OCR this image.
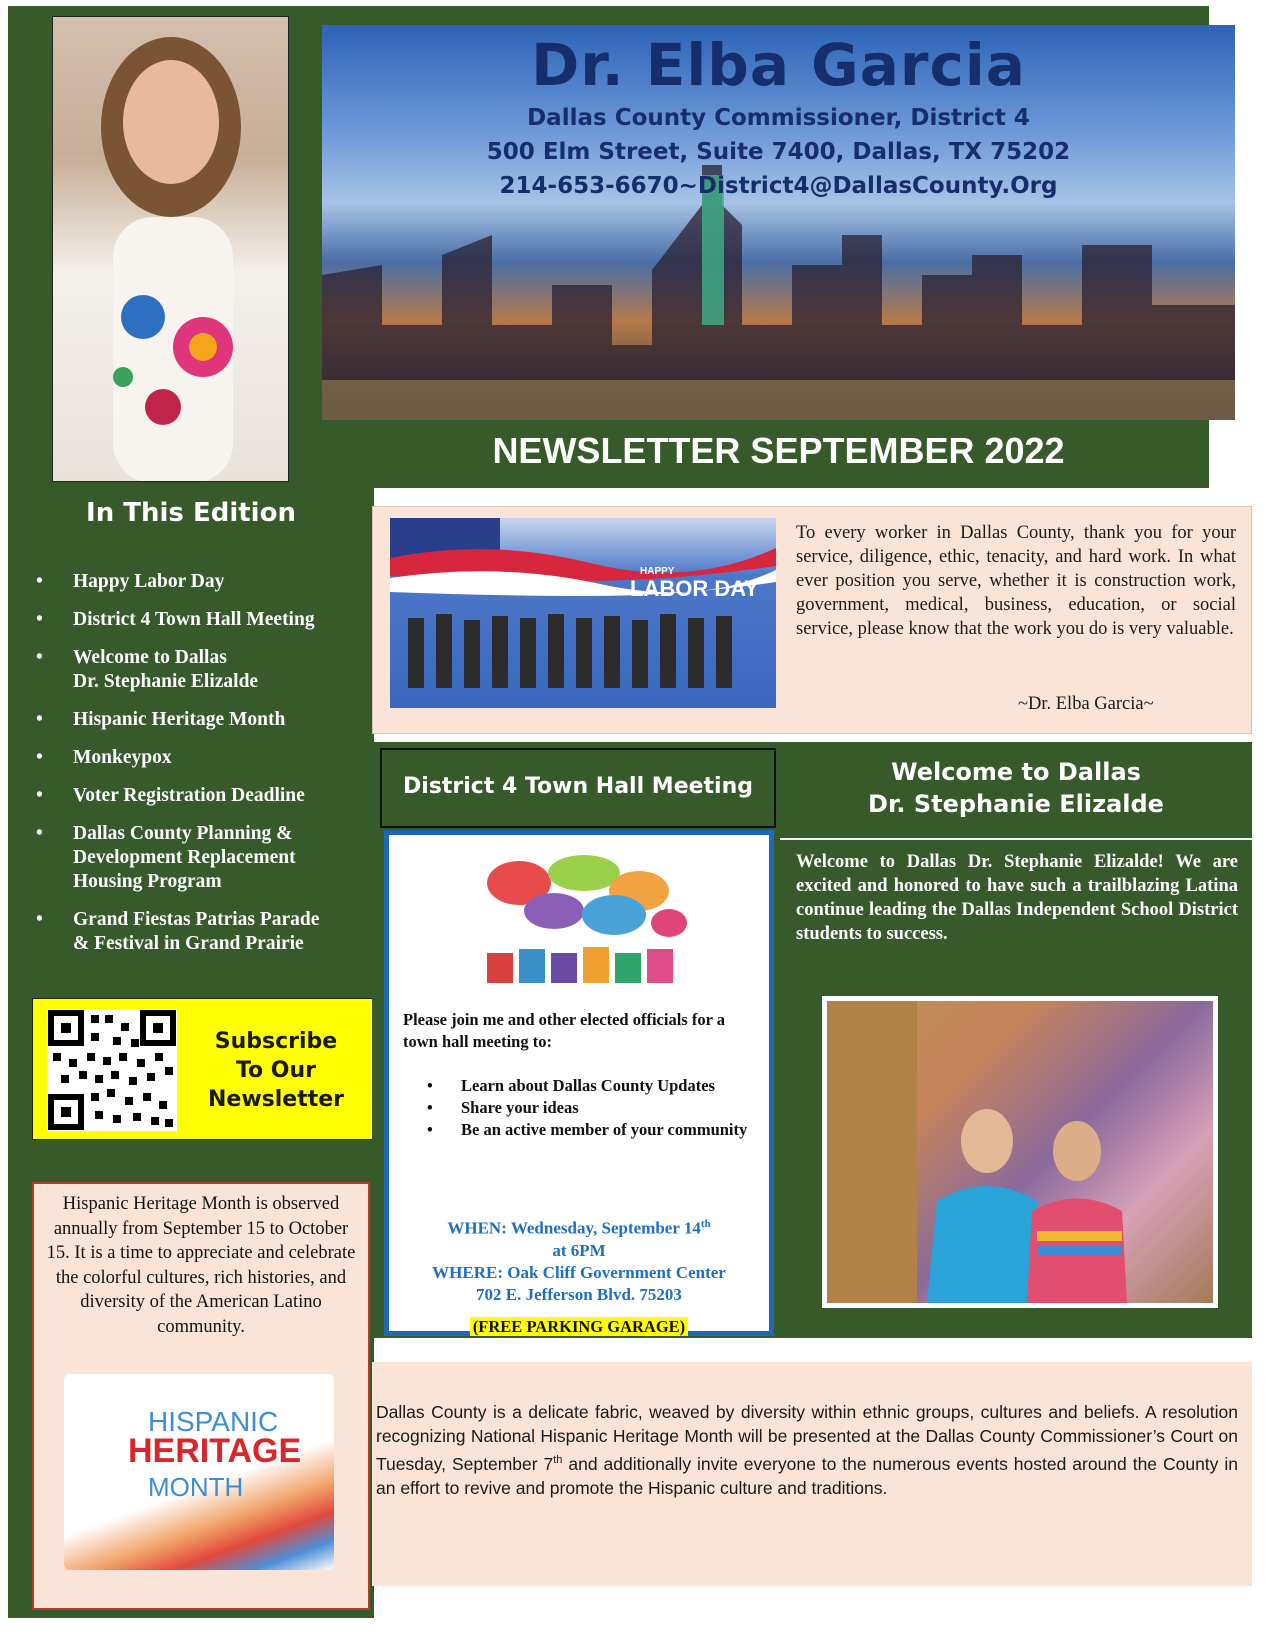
Dr. Elba Garcia
Dallas County Commissioner, District 4
500 Elm Street, Suite 7400, Dallas, TX 75202
214-653-6670~District4@DallasCounty.Org
NEWSLETTER SEPTEMBER 2022
In This Edition
• Happy Labor Day
• District 4 Town Hall Meeting
• Welcome to Dallas
Dr. Stephanie Elizalde
• Hispanic Heritage Month
• Monkeypox
• Voter Registration Deadline
• Dallas County Planning &
Development Replacement
Housing Program
• Grand Fiestas Patrias Parade
& Festival in Grand Prairie
Subscribe
To Our
Newsletter
Hispanic Heritage Month is observed annually from September 15 to October 15. It is a time to appreciate and celebrate the colorful cultures, rich histories, and diversity of the American Latino community.
HISPANIC
HERITAGE
MONTH
HAPPY
LABOR DAY
To every worker in Dallas County, thank you for your service, diligence, ethic, tenacity, and hard work. In what ever position you serve, whether it is construction work, government, medical, business, education, or social service, please know that the work you do is very valuable.
~Dr. Elba Garcia~
District 4 Town Hall Meeting
Please join me and other elected officials for a town hall meeting to:
• Learn about Dallas County Updates
• Share your ideas
• Be an active member of your community
WHEN: Wednesday, September 14th
at 6PM
WHERE: Oak Cliff Government Center
702 E. Jefferson Blvd. 75203
(FREE PARKING GARAGE)
Welcome to Dallas
Dr. Stephanie Elizalde
Welcome to Dallas Dr. Stephanie Elizalde! We are excited and honored to have such a trailblazing Latina continue leading the Dallas Independent School District students to success.
Dallas County is a delicate fabric, weaved by diversity within ethnic groups, cultures and beliefs. A resolution recognizing National Hispanic Heritage Month will be presented at the Dallas County Commissioner’s Court on Tuesday, September 7th and additionally invite everyone to the numerous events hosted around the County in an effort to revive and promote the Hispanic culture and traditions.
